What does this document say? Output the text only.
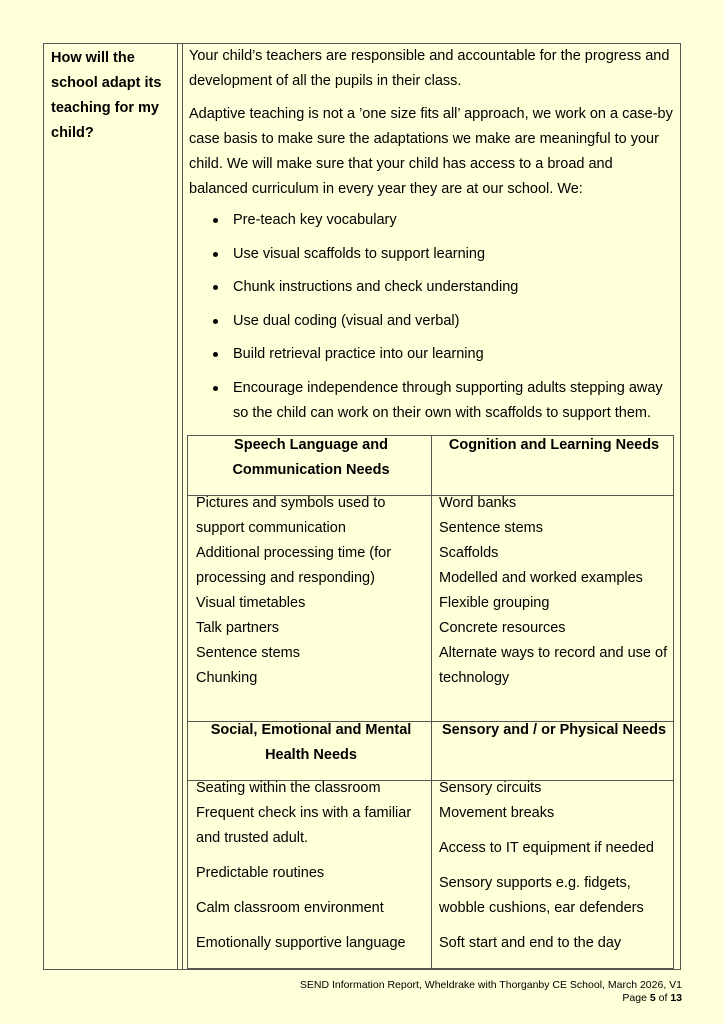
How will the school adapt its teaching for my child?

Your child’s teachers are responsible and accountable for the progress and development of all the pupils in their class.

Adaptive teaching is not a ’one size fits all’ approach, we work on a case-by case basis to make sure the adaptations we make are meaningful to your child. We will make sure that your child has access to a broad and balanced curriculum in every year they are at our school. We:

Pre-teach key vocabulary
Use visual scaffolds to support learning
Chunk instructions and check understanding
Use dual coding (visual and verbal)
Build retrieval practice into our learning
Encourage independence through supporting adults stepping away so the child can work on their own with scaffolds to support them.
Speech Language and Communication Needs
Cognition and Learning Needs
Pictures and symbols used to support communication
Additional processing time (for processing and responding)
Visual timetables
Talk partners
Sentence stems
Chunking
Word banks
Sentence stems
Scaffolds
Modelled and worked examples
Flexible grouping
Concrete resources
Alternate ways to record and use of technology
Social, Emotional and Mental Health Needs
Sensory and / or Physical Needs
Seating within the classroom
Frequent check ins with a familiar and trusted adult.
Predictable routines
Calm classroom environment
Emotionally supportive language
Sensory circuits
Movement breaks
Access to IT equipment if needed
Sensory supports e.g. fidgets, wobble cushions, ear defenders
Soft start and end to the day
SEND Information Report, Wheldrake with Thorganby CE School, March 2026, V1
Page 5 of 13
